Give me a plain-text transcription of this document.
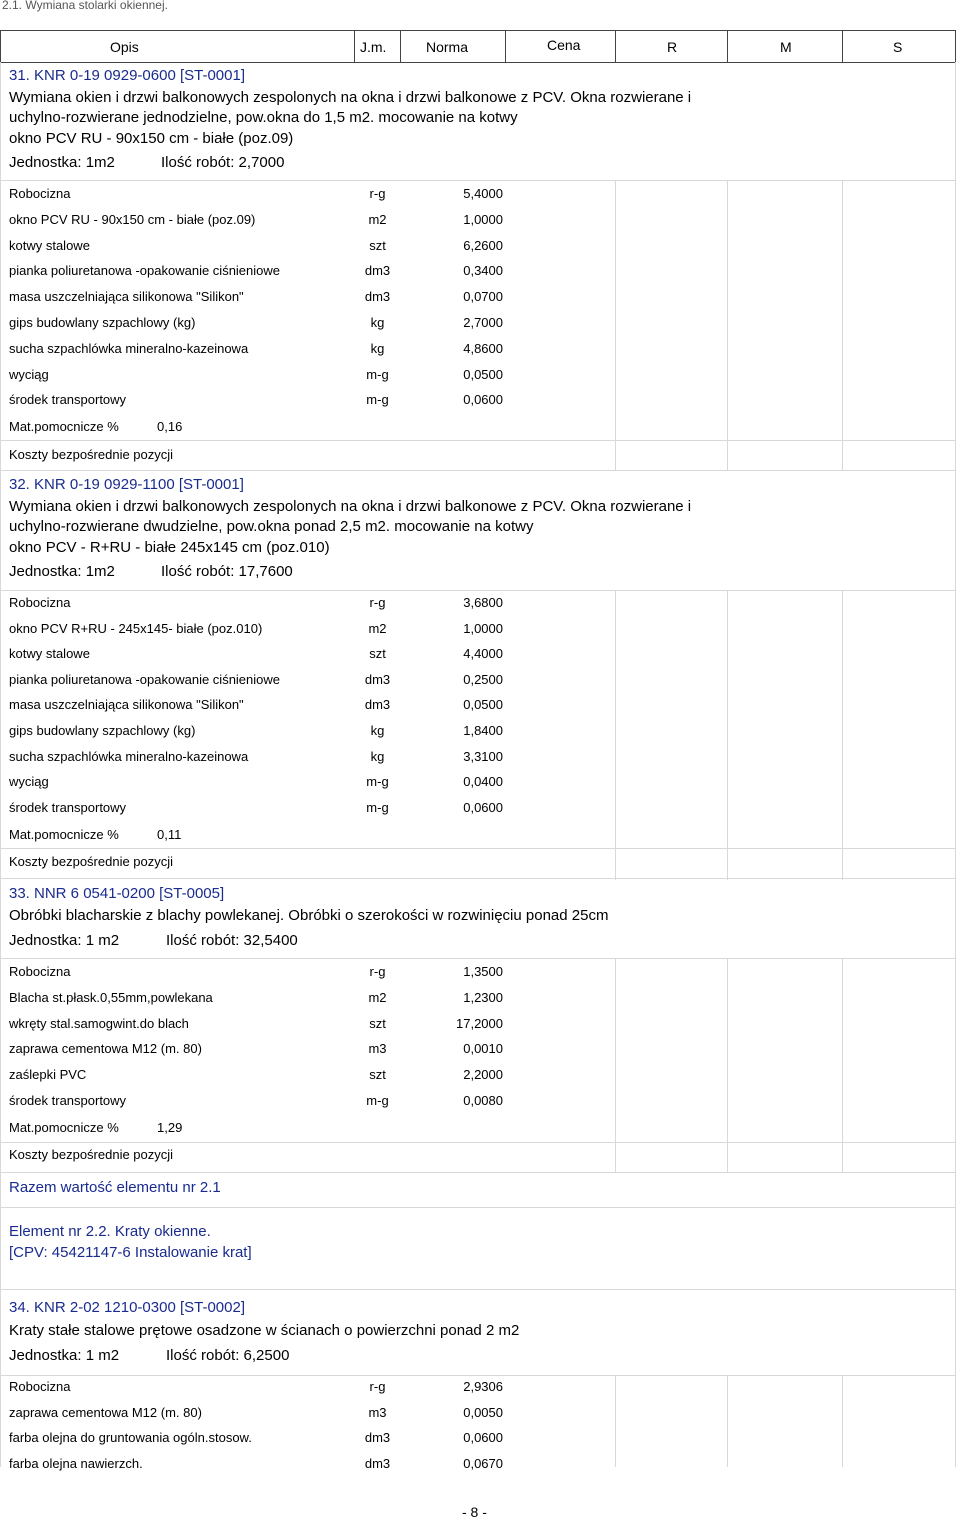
2.1. Wymiana stolarki okiennej.
Opis	J.m.	Norma	Cena	R	M	S
31. KNR 0-19 0929-0600 [ST-0001]
Wymiana okien i drzwi balkonowych zespolonych na okna i drzwi balkonowe z PCV. Okna rozwierane i
uchylno-rozwierane jednodzielne, pow.okna do 1,5 m2. mocowanie na kotwy
okno PCV RU - 90x150 cm - białe (poz.09)
Jednostka: 1m2	Ilość robót: 2,7000
Robocizna	r-g	5,4000
okno PCV RU - 90x150 cm - białe (poz.09)	m2	1,0000
kotwy stalowe	szt	6,2600
pianka poliuretanowa -opakowanie ciśnieniowe	dm3	0,3400
masa uszczelniająca silikonowa "Silikon"	dm3	0,0700
gips budowlany szpachlowy (kg)	kg	2,7000
sucha szpachlówka mineralno-kazeinowa	kg	4,8600
wyciąg	m-g	0,0500
środek transportowy	m-g	0,0600
Mat.pomocnicze %	0,16
Koszty bezpośrednie pozycji
32. KNR 0-19 0929-1100 [ST-0001]
Wymiana okien i drzwi balkonowych zespolonych na okna i drzwi balkonowe z PCV. Okna rozwierane i
uchylno-rozwierane dwudzielne, pow.okna ponad 2,5 m2. mocowanie na kotwy
okno PCV - R+RU - białe 245x145 cm (poz.010)
Jednostka: 1m2	Ilość robót: 17,7600
Robocizna	r-g	3,6800
okno PCV R+RU - 245x145- białe (poz.010)	m2	1,0000
kotwy stalowe	szt	4,4000
pianka poliuretanowa -opakowanie ciśnieniowe	dm3	0,2500
masa uszczelniająca silikonowa "Silikon"	dm3	0,0500
gips budowlany szpachlowy (kg)	kg	1,8400
sucha szpachlówka mineralno-kazeinowa	kg	3,3100
wyciąg	m-g	0,0400
środek transportowy	m-g	0,0600
Mat.pomocnicze %	0,11
Koszty bezpośrednie pozycji
33. NNR 6 0541-0200 [ST-0005]
Obróbki blacharskie z blachy powlekanej. Obróbki o szerokości w rozwinięciu ponad 25cm
Jednostka: 1 m2	Ilość robót: 32,5400
Robocizna	r-g	1,3500
Blacha st.płask.0,55mm,powlekana	m2	1,2300
wkręty stal.samogwint.do blach	szt	17,2000
zaprawa cementowa M12 (m. 80)	m3	0,0010
zaślepki PVC	szt	2,2000
środek transportowy	m-g	0,0080
Mat.pomocnicze %	1,29
Koszty bezpośrednie pozycji
Razem wartość elementu nr 2.1
Element nr 2.2. Kraty okienne.
[CPV: 45421147-6 Instalowanie krat]
34. KNR 2-02 1210-0300 [ST-0002]
Kraty stałe stalowe prętowe osadzone w ścianach o powierzchni ponad 2 m2
Jednostka: 1 m2	Ilość robót: 6,2500
Robocizna	r-g	2,9306
zaprawa cementowa M12 (m. 80)	m3	0,0050
farba olejna do gruntowania ogóln.stosow.	dm3	0,0600
farba olejna nawierzch.	dm3	0,0670
- 8 -
